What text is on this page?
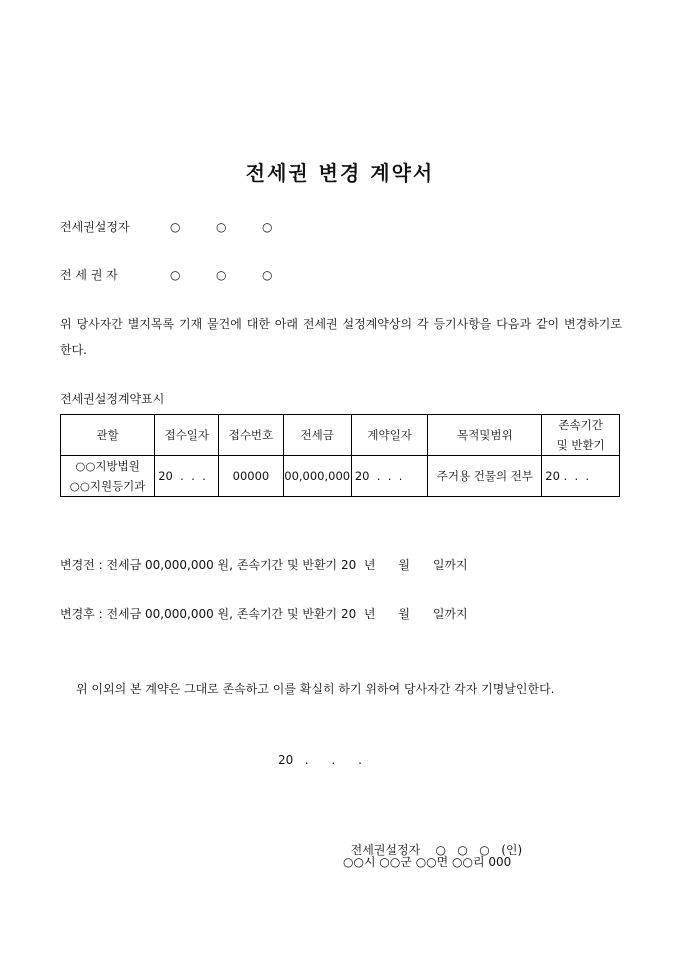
전세권 변경 계약서
전세권설정자	○	○	○
전 세 권 자	○	○	○
위 당사자간 별지목록 기재 물건에 대한 아래 전세권 설정계약상의 각 등기사항을 다음과 같이 변경하기로 한다.
전세권설정계약표시
관할	접수일자	접수번호	전세금	계약일자	목적및범위	존속기간
및 반환기

○○지방법원
○○지원등기과	20  .  .  .	00000	00,000,000	20  .  .  .	주거용 건물의 전부	20 .  .  .
변경전 : 전세금 00,000,000 원, 존속기간 및 반환기 20  년      월      일까지
변경후 : 전세금 00,000,000 원, 존속기간 및 반환기 20  년      월      일까지
위 이외의 본 계약은 그대로 존속하고 이를 확실히 하기 위하여 당사자간 각자 기명날인한다.
20   .      .      .

전세권설정자 ○   ○   ○ (인)

○○시 ○○군 ○○면 ○○리 000
